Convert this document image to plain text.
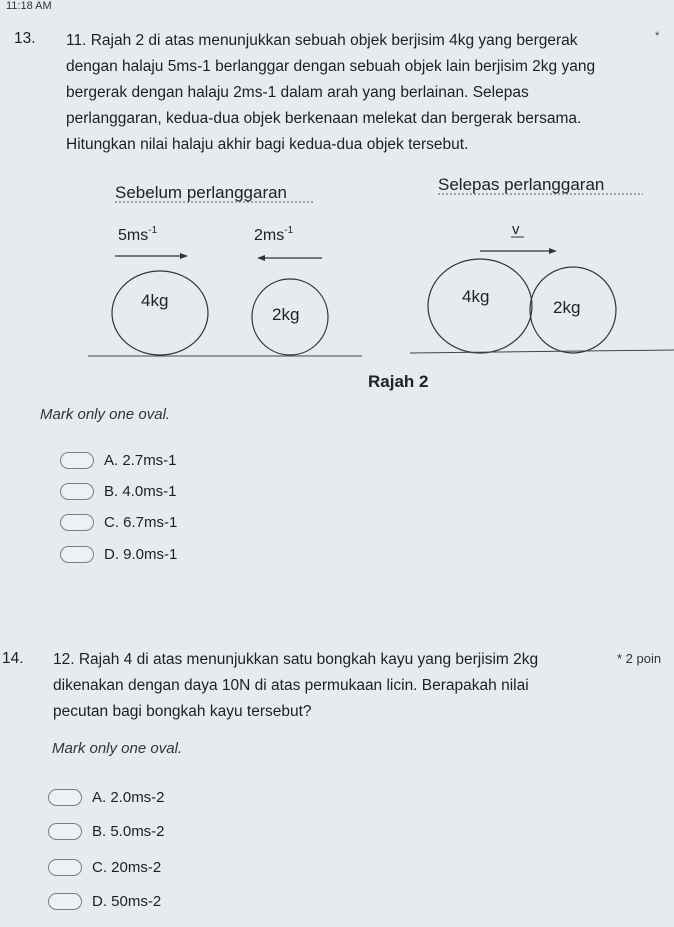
11:18 AM
13. 11. Rajah 2 di atas menunjukkan sebuah objek berjisim 4kg yang bergerak
dengan halaju 5ms-1 berlanggar dengan sebuah objek lain berjisim 2kg yang
bergerak dengan halaju 2ms-1 dalam arah yang berlainan. Selepas
perlanggaran, kedua-dua objek berkenaan melekat dan bergerak bersama.
Hitungkan nilai halaju akhir bagi kedua-dua objek tersebut.
*
Sebelum perlanggaran	Selepas perlanggaran
$5ms^{-1}$	$2ms^{-1}$
4kg
2kg
v
4kg
2kg
Rajah 2
Mark only one oval.
A. 2.7ms-1
B. 4.0ms-1
C. 6.7ms-1
D. 9.0ms-1
14. 12. Rajah 4 di atas menunjukkan satu bongkah kayu yang berjisim 2kg
dikenakan dengan daya 10N di atas permukaan licin. Berapakah nilai
pecutan bagi bongkah kayu tersebut?
* 2 poin
Mark only one oval.
A. 2.0ms-2
B. 5.0ms-2
C. 20ms-2
D. 50ms-2
